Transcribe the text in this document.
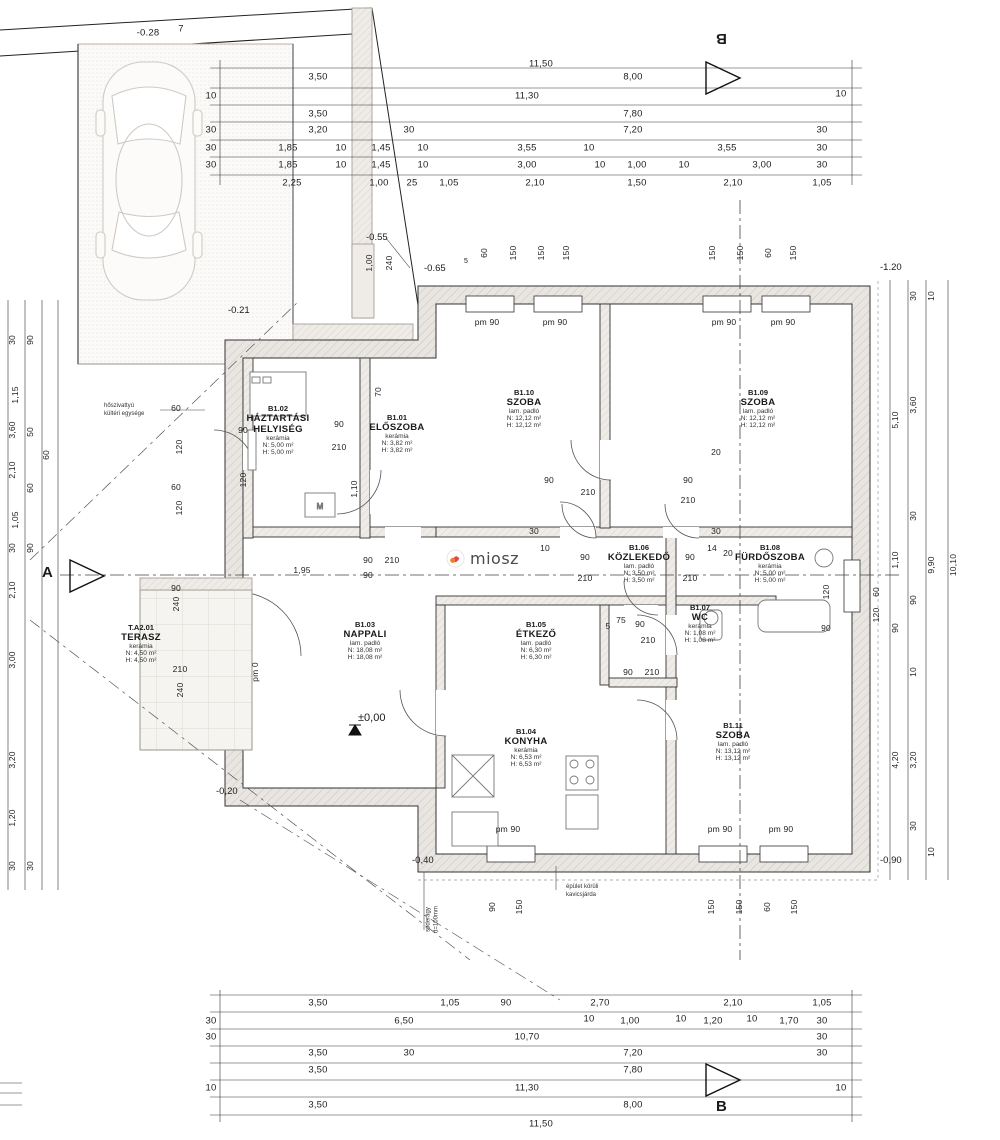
M
-0.28 7
11,50
3,50	8,00
10	11,30	10
3,50	7,80
30	3,20	30	7,20	30
30	1,85	10	1,45	10	3,55	10	3,55	30
30	1,85	10	1,45	10	3,00	10 1,00	10	3,00	30
2,25	1,00 25 1,05	2,10	1,50	2,10	1,05
3,50	1,05	90	2,70	2,10	1,05
30	6,50	10	1,00	10 1,20	10 1,70 30
30	10,70	30
3,50	30	7,20	30
3,50	7,80
10	11,30	10
3,50	8,00
11,50
30 90
1,15
3,60 50
60
2,10
60
1,05
30 90
2,10
3,00
3,20
1,20
30 30
30 10
3,60
5,10
30
1,10	9,90 10,10
60
120
120
90
90
10
4,20 3,20
30
10
60 150 150 150	150 150 60 150
pm 90	pm 90	pm 90	pm 90
90
210
70
1,10
90 210
90
1,95
90
240
210
240
pm 0
90
210
90
210
20
30
10
30
14 20
90
210
90
210
75
5	90
210
90 210
90
pm 90	pm 90	pm 90
90 150	150 150 60 150
1,00 240
60
120
60
120
90
120
B1.02
HÁZTARTÁSI
HELYISÉG
kerámia
N: 5,00 m²
H: 5,00 m²
B1.01
ELŐSZOBA
kerámia
N: 3,82 m²
H: 3,82 m²
B1.10
SZOBA
lam. padló
N: 12,12 m²
H: 12,12 m²
B1.09
SZOBA
lam. padló
N: 12,12 m²
H: 12,12 m²
B1.06
KÖZLEKEDŐ
lam. padló
N: 3,50 m²
H: 3,50 m²
B1.08
FÜRDŐSZOBA
kerámia
N: 5,00 m²
H: 5,00 m²
B1.07
WC
kerámia
N: 1,08 m²
H: 1,08 m²
B1.03
NAPPALI
lam. padló
N: 18,08 m²
H: 18,08 m²
B1.05
ÉTKEZŐ
lam. padló
N: 6,30 m²
H: 6,30 m²
B1.04
KONYHA
kerámia
N: 6,53 m²
H: 6,53 m²
B1.11
SZOBA
lam. padló
N: 13,12 m²
H: 13,12 m²
T.A2.01
TERASZ
kerámia
N: 4,50 m²
H: 4,50 m²
-0.55
-0.65
5
-0.21
-1.20
±0,00
-0,20
-0,40	-0,90
A
B
B
hőszivattyú
kültéri egysége
épület körüli
kavicsjárda
sóderágy d=100mm
miosz
